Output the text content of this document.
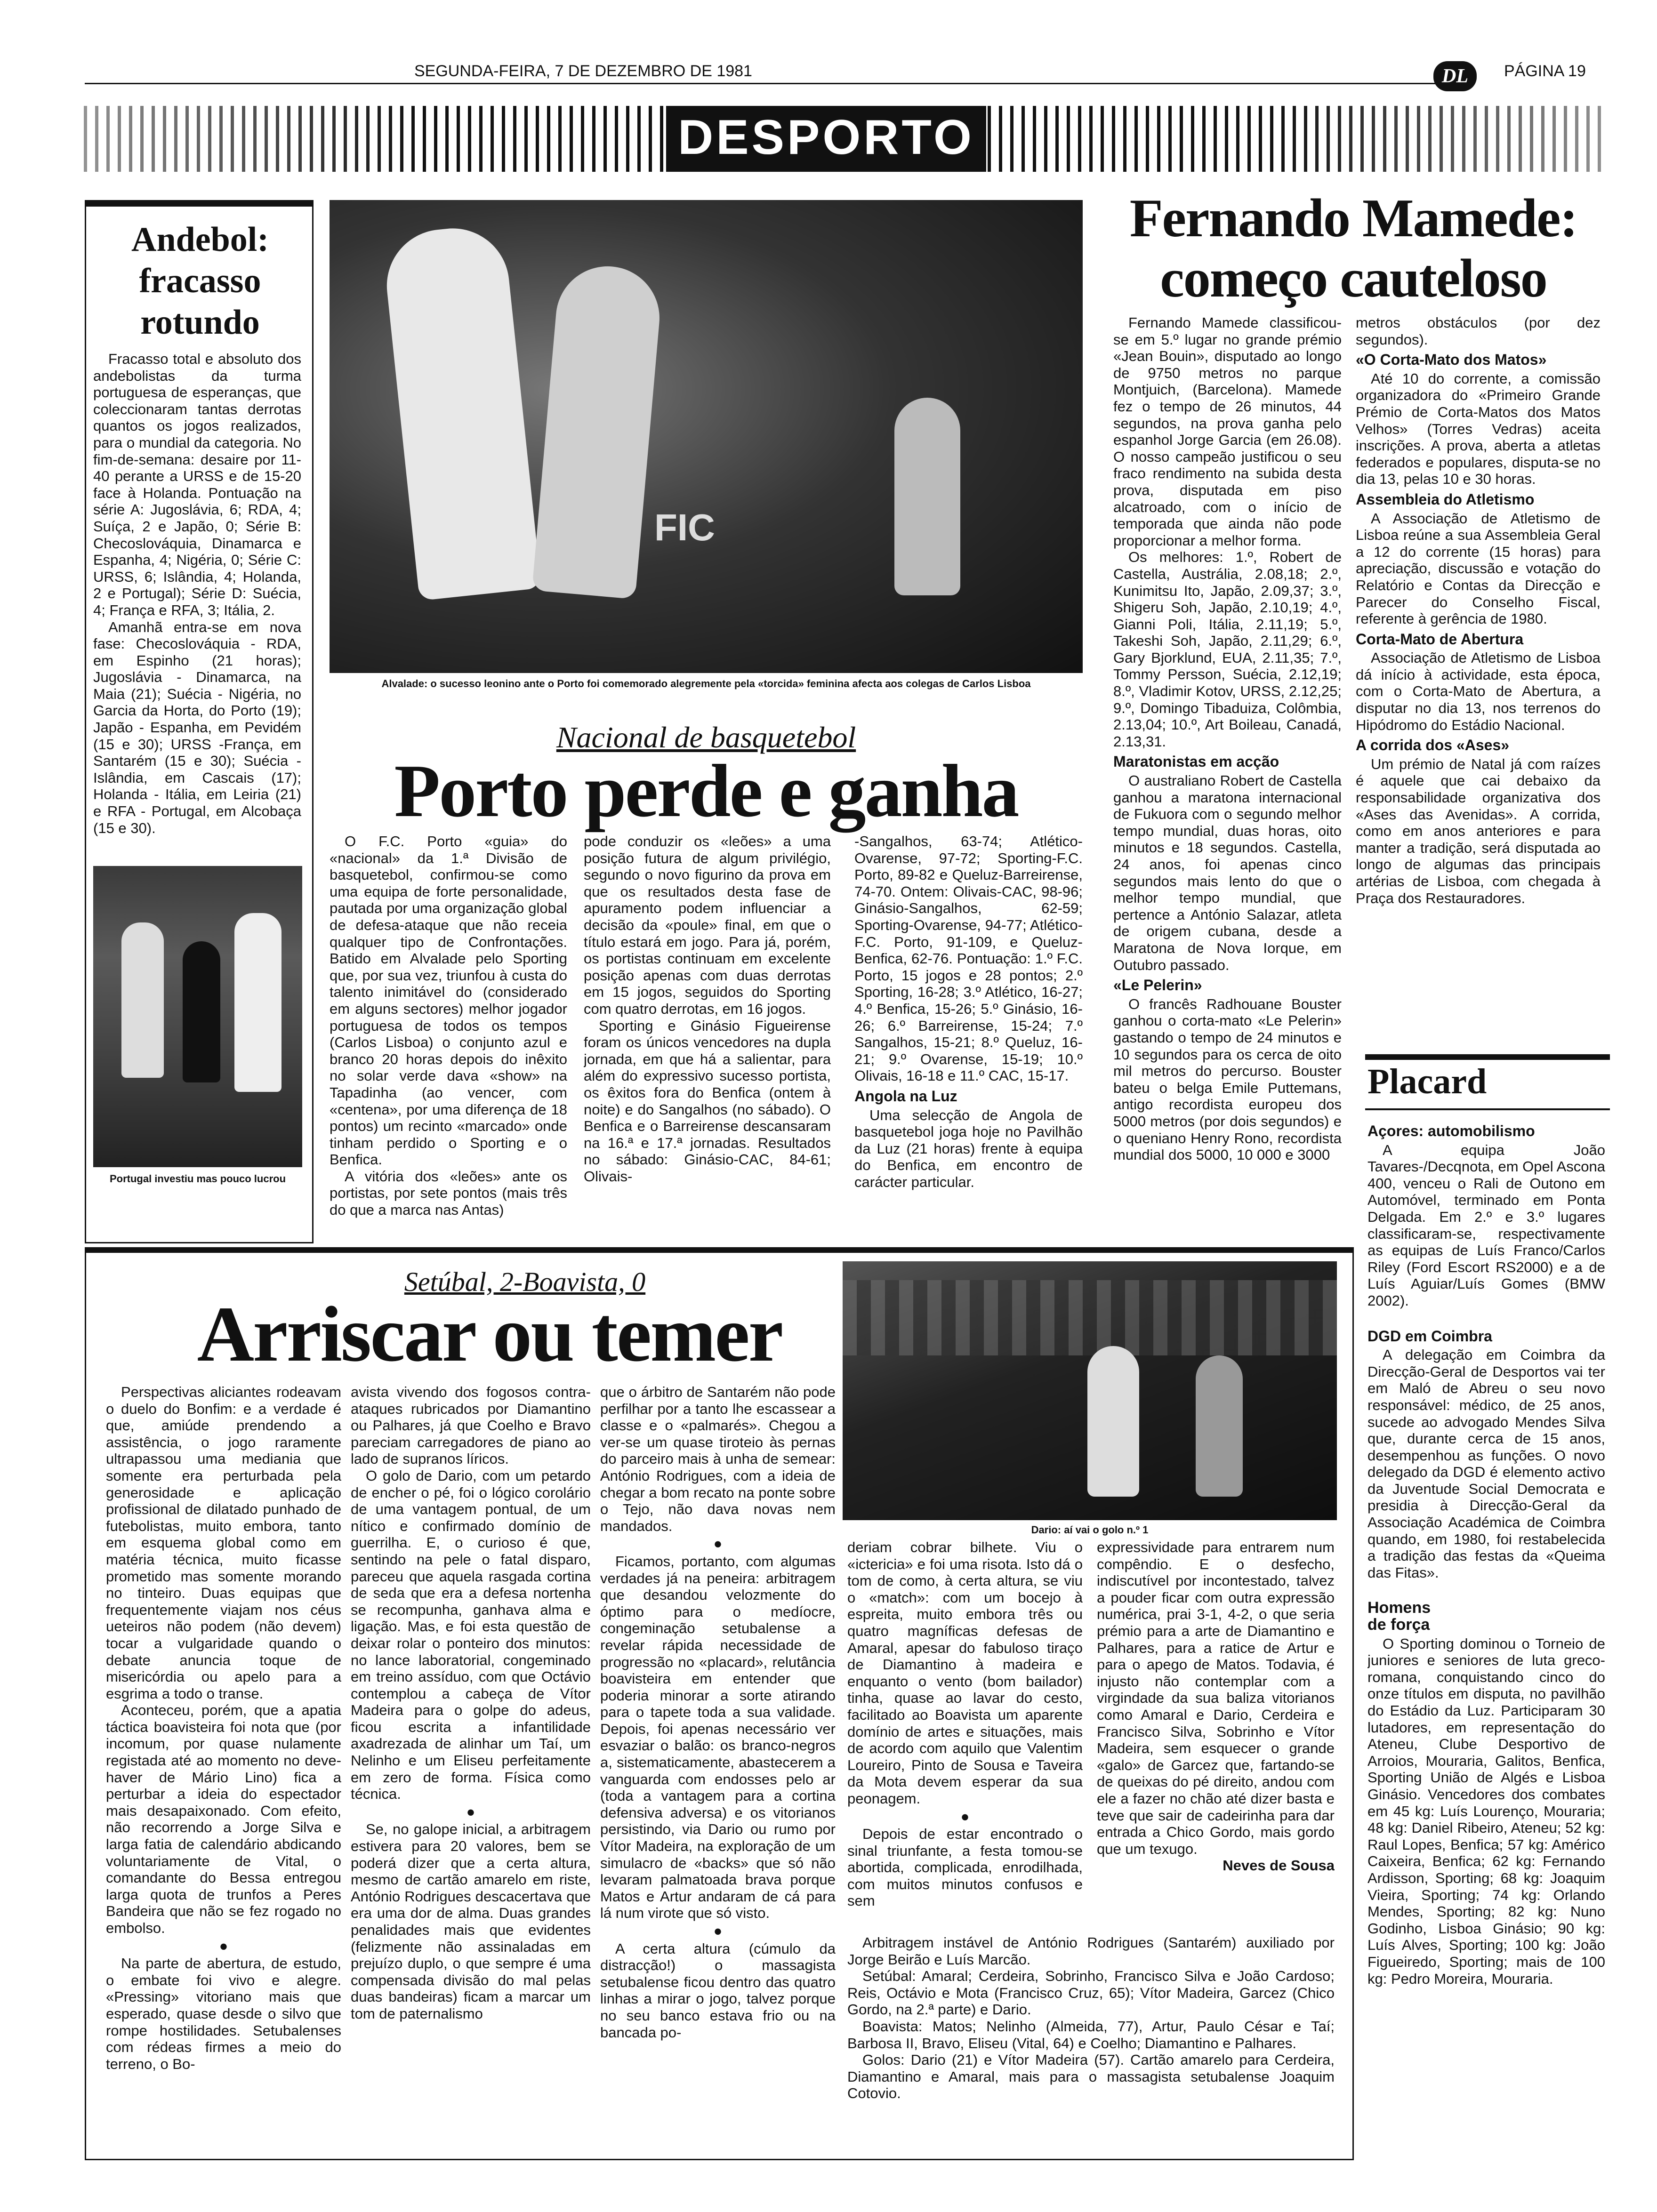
SEGUNDA-FEIRA, 7 DE DEZEMBRO DE 1981	DL	PÁGINA 19
DESPORTO
Andebol:
fracasso
rotundo

Fracasso total e absoluto dos andebolistas da turma portuguesa de esperanças, que coleccionaram tantas derrotas quantos os jogos realizados, para o mundial da categoria. No fim-de-semana: desaire por 11-40 perante a URSS e de 15-20 face à Holanda. Pontuação na série A: Jugoslávia, 6; RDA, 4; Suíça, 2 e Japão, 0; Série B: Checoslováquia, Dinamarca e Espanha, 4; Nigéria, 0; Série C: URSS, 6; Islândia, 4; Holanda, 2 e Portugal); Série D: Suécia, 4; França e RFA, 3; Itália, 2.

Amanhã entra-se em nova fase: Checoslováquia - RDA, em Espinho (21 horas); Jugoslávia - Dinamarca, na Maia (21); Suécia - Nigéria, no Garcia da Horta, do Porto (19); Japão - Espanha, em Pevidém (15 e 30); URSS -França, em Santarém (15 e 30); Suécia - Islândia, em Cascais (17); Holanda - Itália, em Leiria (21) e RFA - Portugal, em Alcobaça (15 e 30).

Portugal investiu mas pouco lucrou
FIC
Alvalade: o sucesso leonino ante o Porto foi comemorado alegremente pela «torcida» feminina afecta aos colegas de Carlos Lisboa
Nacional de basquetebol
Porto perde e ganha

O F.C. Porto «guia» do «nacional» da 1.ª Divisão de basquetebol, confirmou-se como uma equipa de forte personalidade, pautada por uma organização global de defesa-ataque que não receia qualquer tipo de Confrontações. Batido em Alvalade pelo Sporting que, por sua vez, triunfou à custa do talento inimitável do (considerado em alguns sectores) melhor jogador portuguesa de todos os tempos (Carlos Lisboa) o conjunto azul e branco 20 horas depois do inêxito no solar verde dava «show» na Tapadinha (ao vencer, com «centena», por uma diferença de 18 pontos) um recinto «marcado» onde tinham perdido o Sporting e o Benfica.

A vitória dos «leões» ante os portistas, por sete pontos (mais três do que a marca nas Antas)

pode conduzir os «leões» a uma posição futura de algum privilégio, segundo o novo figurino da prova em que os resultados desta fase de apuramento podem influenciar a decisão da «poule» final, em que o título estará em jogo. Para já, porém, os portistas continuam em excelente posição apenas com duas derrotas em 15 jogos, seguidos do Sporting com quatro derrotas, em 16 jogos.

Sporting e Ginásio Figueirense foram os únicos vencedores na dupla jornada, em que há a salientar, para além do expressivo sucesso portista, os êxitos fora do Benfica (ontem à noite) e do Sangalhos (no sábado). O Benfica e o Barreirense descansaram na 16.ª e 17.ª jornadas. Resultados no sábado: Ginásio-CAC, 84-61; Olivais-

-Sangalhos, 63-74; Atlético-Ovarense, 97-72; Sporting-F.C. Porto, 89-82 e Queluz-Barreirense, 74-70. Ontem: Olivais-CAC, 98-96; Ginásio-Sangalhos, 62-59; Sporting-Ovarense, 94-77; Atlético-F.C. Porto, 91-109, e Queluz-Benfica, 62-76. Pontuação: 1.º F.C. Porto, 15 jogos e 28 pontos; 2.º Sporting, 16-28; 3.º Atlético, 16-27; 4.º Benfica, 15-26; 5.º Ginásio, 16-26; 6.º Barreirense, 15-24; 7.º Sangalhos, 15-21; 8.º Queluz, 16-21; 9.º Ovarense, 15-19; 10.º Olivais, 16-18 e 11.º CAC, 15-17.

Angola na Luz

Uma selecção de Angola de basquetebol joga hoje no Pavilhão da Luz (21 horas) frente à equipa do Benfica, em encontro de carácter particular.

Fernando Mamede:
começo cauteloso

Fernando Mamede classificou-se em 5.º lugar no grande prémio «Jean Bouin», disputado ao longo de 9750 metros no parque Montjuich, (Barcelona). Mamede fez o tempo de 26 minutos, 44 segundos, na prova ganha pelo espanhol Jorge Garcia (em 26.08). O nosso campeão justificou o seu fraco rendimento na subida desta prova, disputada em piso alcatroado, com o início de temporada que ainda não pode proporcionar a melhor forma.

Os melhores: 1.º, Robert de Castella, Austrália, 2.08,18; 2.º, Kunimitsu Ito, Japão, 2.09,37; 3.º, Shigeru Soh, Japão, 2.10,19; 4.º, Gianni Poli, Itália, 2.11,19; 5.º, Takeshi Soh, Japão, 2.11,29; 6.º, Gary Bjorklund, EUA, 2.11,35; 7.º, Tommy Persson, Suécia, 2.12,19; 8.º, Vladimir Kotov, URSS, 2.12,25; 9.º, Domingo Tibaduiza, Colômbia, 2.13,04; 10.º, Art Boileau, Canadá, 2.13,31.

Maratonistas em acção

O australiano Robert de Castella ganhou a maratona internacional de Fukuora com o segundo melhor tempo mundial, duas horas, oito minutos e 18 segundos. Castella, 24 anos, foi apenas cinco segundos mais lento do que o melhor tempo mundial, que pertence a António Salazar, atleta de origem cubana, desde a Maratona de Nova Iorque, em Outubro passado.

«Le Pelerin»

O francês Radhouane Bouster ganhou o corta-mato «Le Pelerin» gastando o tempo de 24 minutos e 10 segundos para os cerca de oito mil metros do percurso. Bouster bateu o belga Emile Puttemans, antigo recordista europeu dos 5000 metros (por dois segundos) e o queniano Henry Rono, recordista mundial dos 5000, 10 000 e 3000

metros obstáculos (por dez segundos).

«O Corta-Mato dos Matos»

Até 10 do corrente, a comissão organizadora do «Primeiro Grande Prémio de Corta-Matos dos Matos Velhos» (Torres Vedras) aceita inscrições. A prova, aberta a atletas federados e populares, disputa-se no dia 13, pelas 10 e 30 horas.

Assembleia do Atletismo

A Associação de Atletismo de Lisboa reúne a sua Assembleia Geral a 12 do corrente (15 horas) para apreciação, discussão e votação do Relatório e Contas da Direcção e Parecer do Conselho Fiscal, referente à gerência de 1980.

Corta-Mato de Abertura

Associação de Atletismo de Lisboa dá início à actividade, esta época, com o Corta-Mato de Abertura, a disputar no dia 13, nos terrenos do Hipódromo do Estádio Nacional.

A corrida dos «Ases»

Um prémio de Natal já com raízes é aquele que cai debaixo da responsabilidade organizativa dos «Ases das Avenidas». A corrida, como em anos anteriores e para manter a tradição, será disputada ao longo de algumas das principais artérias de Lisboa, com chegada à Praça dos Restauradores.

Placard
Açores: automobilismo

A equipa João Tavares-/Decqnota, em Opel Ascona 400, venceu o Rali de Outono em Automóvel, terminado em Ponta Delgada. Em 2.º e 3.º lugares classificaram-se, respectivamente as equipas de Luís Franco/Carlos Riley (Ford Escort RS2000) e a de Luís Aguiar/Luís Gomes (BMW 2002).

DGD em Coimbra

A delegação em Coimbra da Direcção-Geral de Desportos vai ter em Maló de Abreu o seu novo responsável: médico, de 25 anos, sucede ao advogado Mendes Silva que, durante cerca de 15 anos, desempenhou as funções. O novo delegado da DGD é elemento activo da Juventude Social Democrata e presidia à Direcção-Geral da Associação Académica de Coimbra quando, em 1980, foi restabelecida a tradição das festas da «Queima das Fitas».

Homens
de força

O Sporting dominou o Torneio de juniores e seniores de luta greco-romana, conquistando cinco do onze títulos em disputa, no pavilhão do Estádio da Luz. Participaram 30 lutadores, em representação do Ateneu, Clube Desportivo de Arroios, Mouraria, Galitos, Benfica, Sporting União de Algés e Lisboa Ginásio. Vencedores dos combates em 45 kg: Luís Lourenço, Mouraria; 48 kg: Daniel Ribeiro, Ateneu; 52 kg: Raul Lopes, Benfica; 57 kg: Américo Caixeira, Benfica; 62 kg: Fernando Ardisson, Sporting; 68 kg: Joaquim Vieira, Sporting; 74 kg: Orlando Mendes, Sporting; 82 kg: Nuno Godinho, Lisboa Ginásio; 90 kg: Luís Alves, Sporting; 100 kg: João Figueiredo, Sporting; mais de 100 kg: Pedro Moreira, Mouraria.

Setúbal, 2-Boavista, 0
Arriscar ou temer
Dario: aí vai o golo n.º 1

Perspectivas aliciantes rodeavam o duelo do Bonfim: e a verdade é que, amiúde prendendo a assistência, o jogo raramente ultrapassou uma mediania que somente era perturbada pela generosidade e aplicação profissional de dilatado punhado de futebolistas, muito embora, tanto em esquema global como em matéria técnica, muito ficasse prometido mas somente morando no tinteiro. Duas equipas que frequentemente viajam nos céus ueteiros não podem (não devem) tocar a vulgaridade quando o debate anuncia toque de misericórdia ou apelo para a esgrima a todo o transe.

Aconteceu, porém, que a apatia táctica boavisteira foi nota que (por incomum, por quase nulamente registada até ao momento no deve-haver de Mário Lino) fica a perturbar a ideia do espectador mais desapaixonado. Com efeito, não recorrendo a Jorge Silva e larga fatia de calendário abdicando voluntariamente de Vital, o comandante do Bessa entregou larga quota de trunfos a Peres Bandeira que não se fez rogado no embolso.

●

Na parte de abertura, de estudo, o embate foi vivo e alegre. «Pressing» vitoriano mais que esperado, quase desde o silvo que rompe hostilidades. Setubalenses com rédeas firmes a meio do terreno, o Bo-

avista vivendo dos fogosos contra-ataques rubricados por Diamantino ou Palhares, já que Coelho e Bravo pareciam carregadores de piano ao lado de supranos líricos.

O golo de Dario, com um petardo de encher o pé, foi o lógico corolário de uma vantagem pontual, de um nítico e confirmado domínio de guerrilha. E, o curioso é que, sentindo na pele o fatal disparo, pareceu que aquela rasgada cortina de seda que era a defesa nortenha se recompunha, ganhava alma e ligação. Mas, e foi esta questão de deixar rolar o ponteiro dos minutos: no lance laboratorial, congeminado em treino assíduo, com que Octávio contemplou a cabeça de Vítor Madeira para o golpe do adeus, ficou escrita a infantilidade axadrezada de alinhar um Taí, um Nelinho e um Eliseu perfeitamente em zero de forma. Física como técnica.

●

Se, no galope inicial, a arbitragem estivera para 20 valores, bem se poderá dizer que a certa altura, mesmo de cartão amarelo em riste, António Rodrigues descacertava que era uma dor de alma. Duas grandes penalidades mais que evidentes (felizmente não assinaladas em prejuízo duplo, o que sempre é uma compensada divisão do mal pelas duas bandeiras) ficam a marcar um tom de paternalismo

que o árbitro de Santarém não pode perfilhar por a tanto lhe escassear a classe e o «palmarés». Chegou a ver-se um quase tiroteio às pernas do parceiro mais à unha de semear: António Rodrigues, com a ideia de chegar a bom recato na ponte sobre o Tejo, não dava novas nem mandados.

●

Ficamos, portanto, com algumas verdades já na peneira: arbitragem que desandou velozmente do óptimo para o medíocre, congeminação setubalense a revelar rápida necessidade de progressão no «placard», relutância boavisteira em entender que poderia minorar a sorte atirando para o tapete toda a sua validade. Depois, foi apenas necessário ver esvaziar o balão: os branco-negros a, sistematicamente, abastecerem a vanguarda com endosses pelo ar (toda a vantagem para a cortina defensiva adversa) e os vitorianos persistindo, via Dario ou rumo por Vítor Madeira, na exploração de um simulacro de «backs» que só não levaram palmatoada brava porque Matos e Artur andaram de cá para lá num virote que só visto.

●

A certa altura (cúmulo da distracção!) o massagista setubalense ficou dentro das quatro linhas a mirar o jogo, talvez porque no seu banco estava frio ou na bancada po-

deriam cobrar bilhete. Viu o «ictericia» e foi uma risota. Isto dá o tom de como, à certa altura, se viu o «match»: com um bocejo à espreita, muito embora três ou quatro magníficas defesas de Amaral, apesar do fabuloso tiraço de Diamantino à madeira e enquanto o vento (bom bailador) tinha, quase ao lavar do cesto, facilitado ao Boavista um aparente domínio de artes e situações, mais de acordo com aquilo que Valentim Loureiro, Pinto de Sousa e Taveira da Mota devem esperar da sua peonagem.

●

Depois de estar encontrado o sinal triunfante, a festa tomou-se abortida, complicada, enrodilhada, com muitos minutos confusos e sem

expressividade para entrarem num compêndio. E o desfecho, indiscutível por incontestado, talvez a pouder ficar com outra expressão numérica, prai 3-1, 4-2, o que seria prémio para a arte de Diamantino e Palhares, para a ratice de Artur e para o apego de Matos. Todavia, é injusto não contemplar com a virgindade da sua baliza vitorianos como Amaral e Dario, Cerdeira e Francisco Silva, Sobrinho e Vítor Madeira, sem esquecer o grande «galo» de Garcez que, fartando-se de queixas do pé direito, andou com ele a fazer no chão até dizer basta e teve que sair de cadeirinha para dar entrada a Chico Gordo, mais gordo que um texugo.

Neves de Sousa

Arbitragem instável de António Rodrigues (Santarém) auxiliado por Jorge Beirão e Luís Marcão.

Setúbal: Amaral; Cerdeira, Sobrinho, Francisco Silva e João Cardoso; Reis, Octávio e Mota (Francisco Cruz, 65); Vítor Madeira, Garcez (Chico Gordo, na 2.ª parte) e Dario.

Boavista: Matos; Nelinho (Almeida, 77), Artur, Paulo César e Taí; Barbosa II, Bravo, Eliseu (Vital, 64) e Coelho; Diamantino e Palhares.

Golos: Dario (21) e Vítor Madeira (57). Cartão amarelo para Cerdeira, Diamantino e Amaral, mais para o massagista setubalense Joaquim Cotovio.
